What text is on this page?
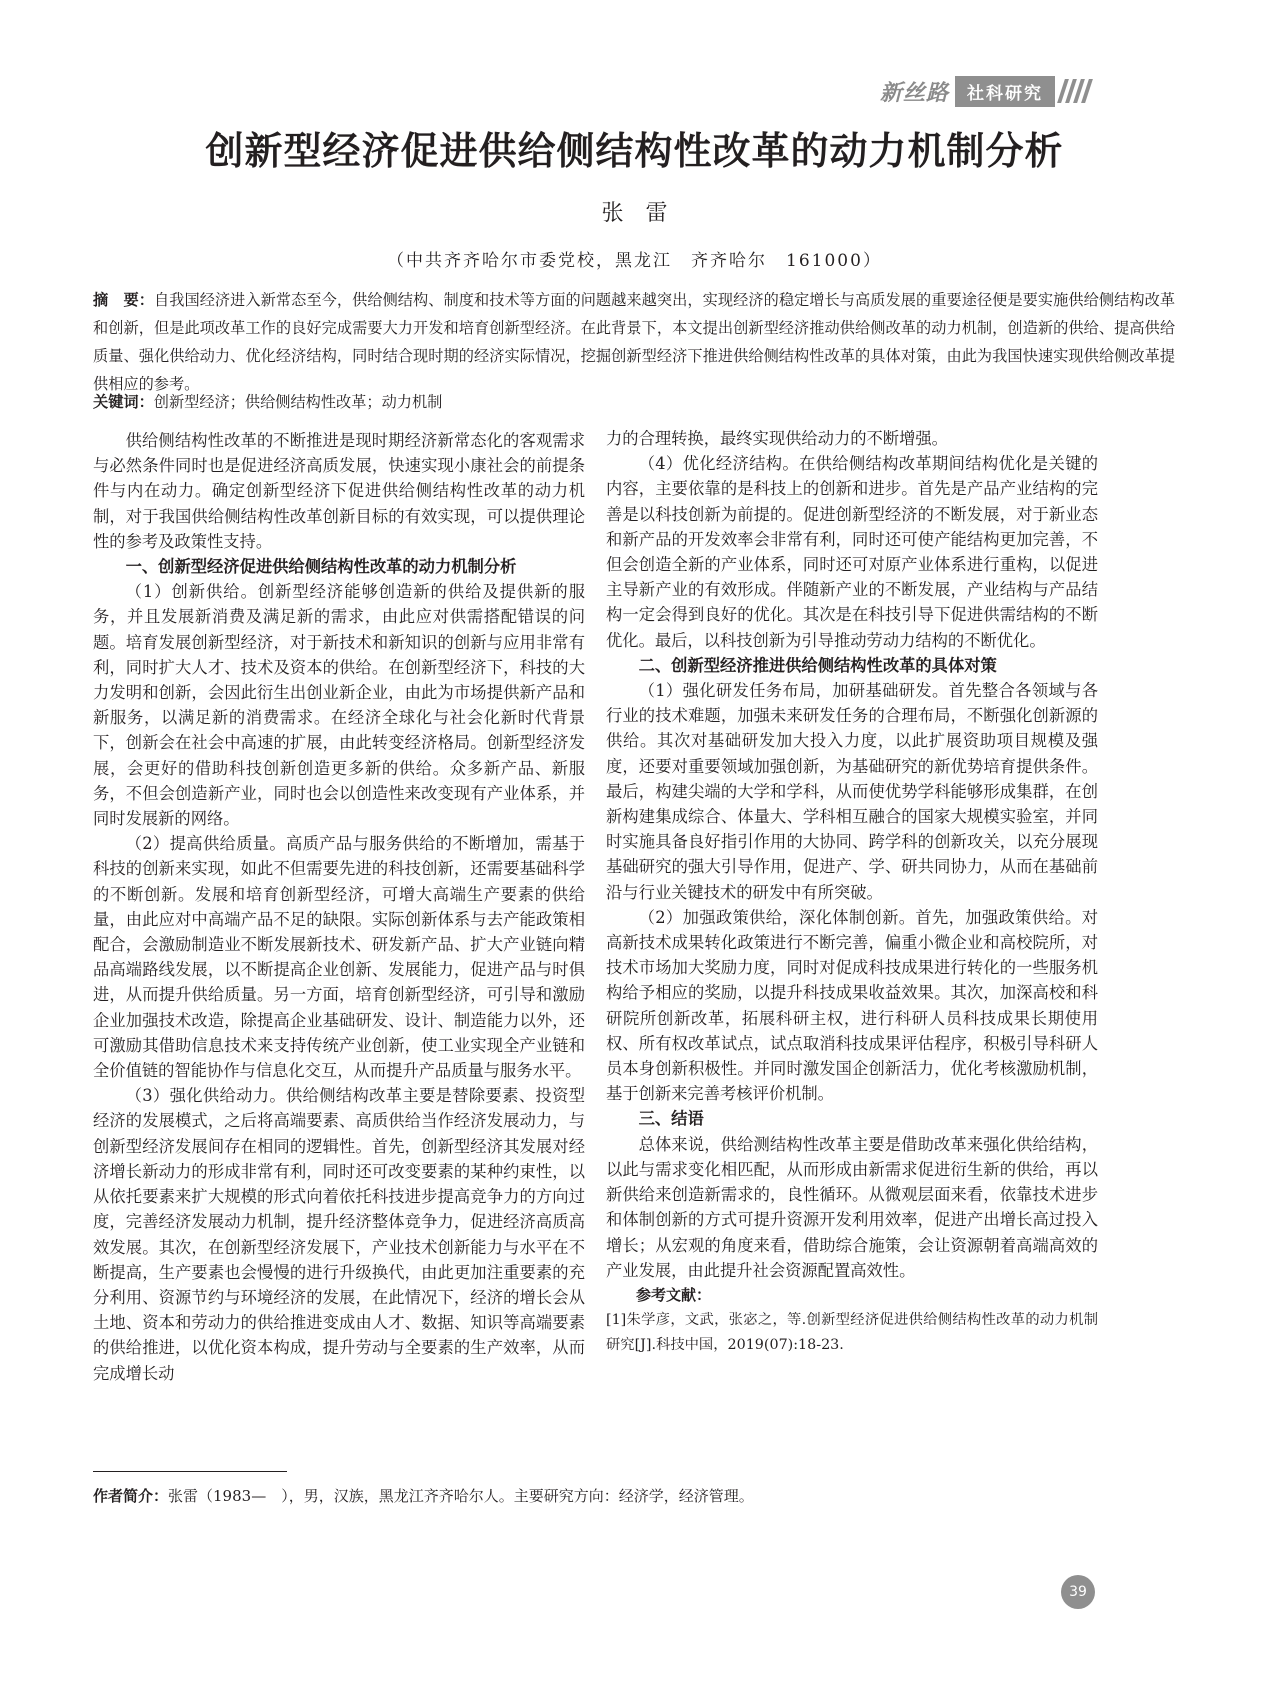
新丝路	社科研究
创新型经济促进供给侧结构性改革的动力机制分析
张雷
（中共齐齐哈尔市委党校，黑龙江　齐齐哈尔　161000）

摘　要：自我国经济进入新常态至今，供给侧结构、制度和技术等方面的问题越来越突出，实现经济的稳定增长与高质发展的重要途径便是要实施供给侧结构改革和创新，但是此项改革工作的良好完成需要大力开发和培育创新型经济。在此背景下，本文提出创新型经济推动供给侧改革的动力机制，创造新的供给、提高供给质量、强化供给动力、优化经济结构，同时结合现时期的经济实际情况，挖掘创新型经济下推进供给侧结构性改革的具体对策，由此为我国快速实现供给侧改革提供相应的参考。

关键词：创新型经济；供给侧结构性改革；动力机制

供给侧结构性改革的不断推进是现时期经济新常态化的客观需求与必然条件同时也是促进经济高质发展，快速实现小康社会的前提条件与内在动力。确定创新型经济下促进供给侧结构性改革的动力机制，对于我国供给侧结构性改革创新目标的有效实现，可以提供理论性的参考及政策性支持。

一、创新型经济促进供给侧结构性改革的动力机制分析

（1）创新供给。创新型经济能够创造新的供给及提供新的服务，并且发展新消费及满足新的需求，由此应对供需搭配错误的问题。培育发展创新型经济，对于新技术和新知识的创新与应用非常有利，同时扩大人才、技术及资本的供给。在创新型经济下，科技的大力发明和创新，会因此衍生出创业新企业，由此为市场提供新产品和新服务，以满足新的消费需求。在经济全球化与社会化新时代背景下，创新会在社会中高速的扩展，由此转变经济格局。创新型经济发展，会更好的借助科技创新创造更多新的供给。众多新产品、新服务，不但会创造新产业，同时也会以创造性来改变现有产业体系，并同时发展新的网络。

（2）提高供给质量。高质产品与服务供给的不断增加，需基于科技的创新来实现，如此不但需要先进的科技创新，还需要基础科学的不断创新。发展和培育创新型经济，可增大高端生产要素的供给量，由此应对中高端产品不足的缺限。实际创新体系与去产能政策相配合，会激励制造业不断发展新技术、研发新产品、扩大产业链向精品高端路线发展，以不断提高企业创新、发展能力，促进产品与时俱进，从而提升供给质量。另一方面，培育创新型经济，可引导和激励企业加强技术改造，除提高企业基础研发、设计、制造能力以外，还可激励其借助信息技术来支持传统产业创新，使工业实现全产业链和全价值链的智能协作与信息化交互，从而提升产品质量与服务水平。

（3）强化供给动力。供给侧结构改革主要是替除要素、投资型经济的发展模式，之后将高端要素、高质供给当作经济发展动力，与创新型经济发展间存在相同的逻辑性。首先，创新型经济其发展对经济增长新动力的形成非常有利，同时还可改变要素的某种约束性，以从依托要素来扩大规模的形式向着依托科技进步提高竞争力的方向过度，完善经济发展动力机制，提升经济整体竞争力，促进经济高质高效发展。其次，在创新型经济发展下，产业技术创新能力与水平在不断提高，生产要素也会慢慢的进行升级换代，由此更加注重要素的充分利用、资源节约与环境经济的发展，在此情况下，经济的增长会从土地、资本和劳动力的供给推进变成由人才、数据、知识等高端要素的供给推进，以优化资本构成，提升劳动与全要素的生产效率，从而完成增长动

力的合理转换，最终实现供给动力的不断增强。

（4）优化经济结构。在供给侧结构改革期间结构优化是关键的内容，主要依靠的是科技上的创新和进步。首先是产品产业结构的完善是以科技创新为前提的。促进创新型经济的不断发展，对于新业态和新产品的开发效率会非常有利，同时还可使产能结构更加完善，不但会创造全新的产业体系，同时还可对原产业体系进行重构，以促进主导新产业的有效形成。伴随新产业的不断发展，产业结构与产品结构一定会得到良好的优化。其次是在科技引导下促进供需结构的不断优化。最后，以科技创新为引导推动劳动力结构的不断优化。

二、创新型经济推进供给侧结构性改革的具体对策

（1）强化研发任务布局，加研基础研发。首先整合各领域与各行业的技术难题，加强未来研发任务的合理布局，不断强化创新源的供给。其次对基础研发加大投入力度，以此扩展资助项目规模及强度，还要对重要领域加强创新，为基础研究的新优势培育提供条件。最后，构建尖端的大学和学科，从而使优势学科能够形成集群，在创新构建集成综合、体量大、学科相互融合的国家大规模实验室，并同时实施具备良好指引作用的大协同、跨学科的创新攻关，以充分展现基础研究的强大引导作用，促进产、学、研共同协力，从而在基础前沿与行业关键技术的研发中有所突破。

（2）加强政策供给，深化体制创新。首先，加强政策供给。对高新技术成果转化政策进行不断完善，偏重小微企业和高校院所，对技术市场加大奖励力度，同时对促成科技成果进行转化的一些服务机构给予相应的奖励，以提升科技成果收益效果。其次，加深高校和科研院所创新改革，拓展科研主权，进行科研人员科技成果长期使用权、所有权改革试点，试点取消科技成果评估程序，积极引导科研人员本身创新积极性。并同时激发国企创新活力，优化考核激励机制，基于创新来完善考核评价机制。

三、结语

总体来说，供给测结构性改革主要是借助改革来强化供给结构，以此与需求变化相匹配，从而形成由新需求促进衍生新的供给，再以新供给来创造新需求的，良性循环。从微观层面来看，依靠技术进步和体制创新的方式可提升资源开发利用效率，促进产出增长高过投入增长；从宏观的角度来看，借助综合施策，会让资源朝着高端高效的产业发展，由此提升社会资源配置高效性。

参考文献：

[1]朱学彦，文武，张宓之，等.创新型经济促进供给侧结构性改革的动力机制研究[J].科技中国，2019(07):18-23.

作者简介：张雷（1983—　），男，汉族，黑龙江齐齐哈尔人。主要研究方向：经济学，经济管理。
39
